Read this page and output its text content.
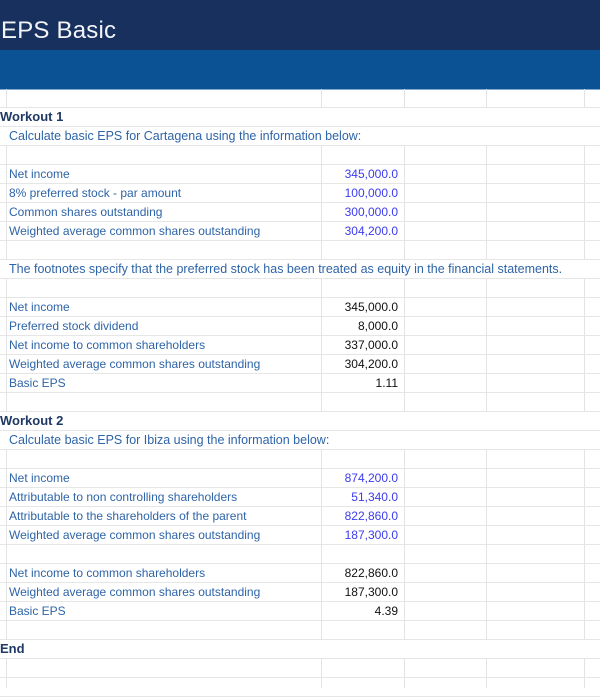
EPS Basic
Workout 1
Calculate basic EPS for Cartagena using the information below:
Net income	345,000.0
8% preferred stock - par amount	100,000.0
Common shares outstanding	300,000.0
Weighted average common shares outstanding	304,200.0
The footnotes specify that the preferred stock has been treated as equity in the financial statements.
Net income	345,000.0
Preferred stock dividend	8,000.0
Net income to common shareholders	337,000.0
Weighted average common shares outstanding	304,200.0
Basic EPS	1.11
Workout 2
Calculate basic EPS for Ibiza using the information below:
Net income	874,200.0
Attributable to non controlling shareholders	51,340.0
Attributable to the shareholders of the parent	822,860.0
Weighted average common shares outstanding	187,300.0
Net income to common shareholders	822,860.0
Weighted average common shares outstanding	187,300.0
Basic EPS	4.39
End
